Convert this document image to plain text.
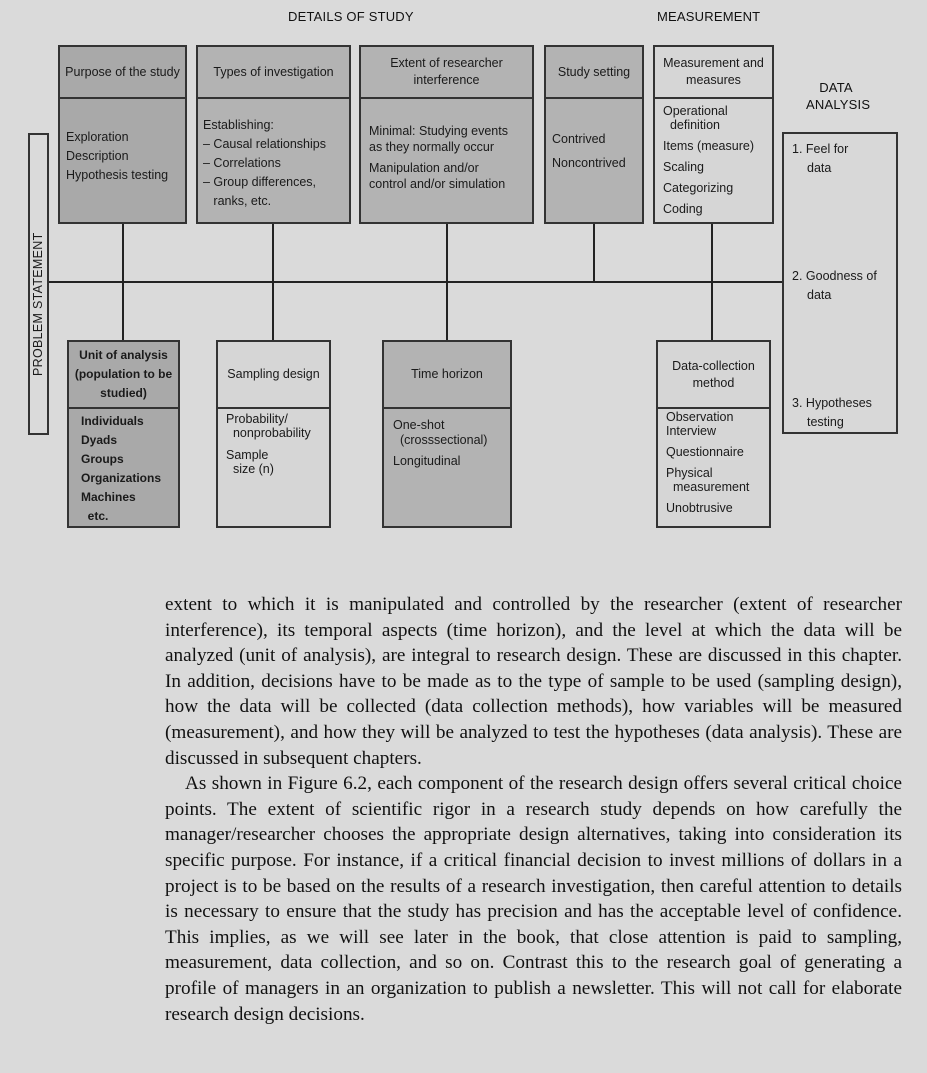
DETAILS OF STUDY	MEASUREMENT
DATA
ANALYSIS
PROBLEM STATEMENT
Purpose of the study
Exploration
Description
Hypothesis testing
Types of investigation
Establishing:
– Causal relationships
– Correlations
– Group differences,
ranks, etc.
Extent of researcher interference
Minimal: Studying events
as they normally occur
Manipulation and/or
control and/or simulation
Study setting
Contrived
Noncontrived
Measurement and measures
Operational
definition
Items (measure)
Scaling
Categorizing
Coding
1. Feel for
data
2. Goodness of
data
3. Hypotheses
testing
Unit of analysis (population to be studied)
Individuals
Dyads
Groups
Organizations
Machines
etc.
Sampling design
Probability/
nonprobability
Sample
size (n)
Time horizon
One-shot
(crosssectional)
Longitudinal
Data-collection method
Observation
Interview
Questionnaire
Physical
measurement
Unobtrusive

extent to which it is manipulated and controlled by the researcher (extent of researcher interference), its temporal aspects (time horizon), and the level at which the data will be analyzed (unit of analysis), are integral to research design. These are discussed in this chapter. In addition, decisions have to be made as to the type of sample to be used (sampling design), how the data will be collected (data collection methods), how variables will be measured (measurement), and how they will be analyzed to test the hypotheses (data analysis). These are discussed in subsequent chapters.

As shown in Figure 6.2, each component of the research design offers several critical choice points. The extent of scientific rigor in a research study depends on how carefully the manager/researcher chooses the appropriate design alternatives, taking into consideration its specific purpose. For instance, if a critical financial decision to invest millions of dollars in a project is to be based on the results of a research investigation, then careful attention to details is necessary to ensure that the study has precision and has the acceptable level of confidence. This implies, as we will see later in the book, that close attention is paid to sampling, measurement, data collection, and so on. Contrast this to the research goal of generating a profile of managers in an organization to publish a newsletter. This will not call for elaborate research design decisions.
